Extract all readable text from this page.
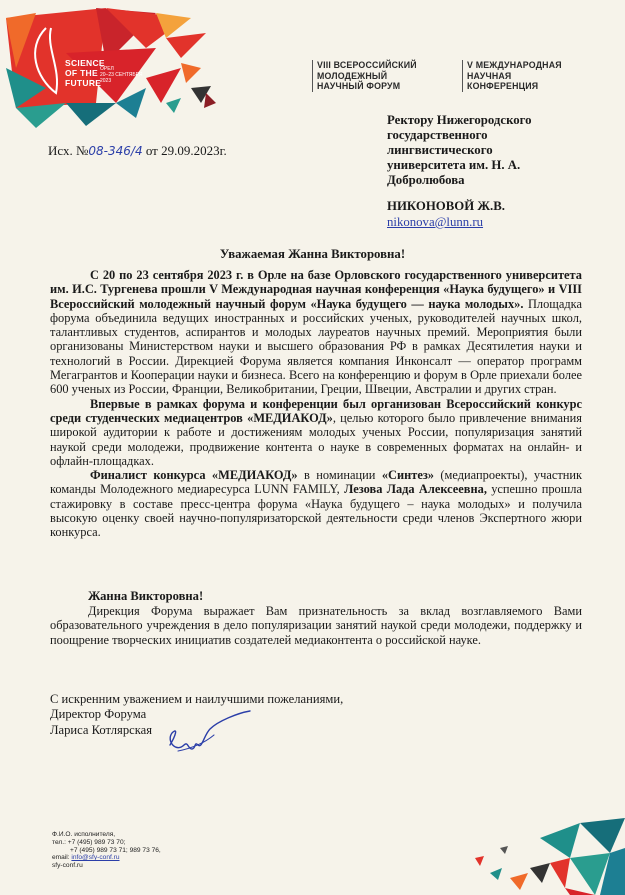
SCIENCE
OF THE
FUTURE
ОРЕЛ
20–23 СЕНТЯБРЯ
2023
VIII ВСЕРОССИЙСКИЙ
МОЛОДЕЖНЫЙ
НАУЧНЫЙ ФОРУМ
V МЕЖДУНАРОДНАЯ
НАУЧНАЯ
КОНФЕРЕНЦИЯ
Исх. №08-346/4 от 29.09.2023г.
Ректору Нижегородского
государственного
лингвистического
университета им. Н. А.
Добролюбова
НИКОНОВОЙ Ж.В.
nikonova@lunn.ru
Уважаемая Жанна Викторовна!

С 20 по 23 сентября 2023 г. в Орле на базе Орловского государственного университета им. И.С. Тургенева прошли V Международная научная конференция «Наука будущего» и VIII Всероссийский молодежный научный форум «Наука будущего — наука молодых». Площадка форума объединила ведущих иностранных и российских ученых, руководителей научных школ, талантливых студентов, аспирантов и молодых лауреатов научных премий. Мероприятия были организованы Министерством науки и высшего образования РФ в рамках Десятилетия науки и технологий в России. Дирекцией Форума является компания Инконсалт — оператор программ Мегагрантов и Кооперации науки и бизнеса. Всего на конференцию и форум в Орле приехали более 600 ученых из России, Франции, Великобритании, Греции, Швеции, Австралии и других стран.

Впервые в рамках форума и конференции был организован Всероссийский конкурс среди студенческих медиацентров «МЕДИАКОД», целью которого было привлечение внимания широкой аудитории к работе и достижениям молодых ученых России, популяризация занятий наукой среди молодежи, продвижение контента о науке в современных форматах на онлайн- и офлайн-площадках.

Финалист конкурса «МЕДИАКОД» в номинации «Синтез» (медиапроекты), участник команды Молодежного медиаресурса LUNN FAMILY, Лезова Лада Алексеевна, успешно прошла стажировку в составе пресс-центра форума «Наука будущего – наука молодых» и получила высокую оценку своей научно-популяризаторской деятельности среди членов Экспертного жюри конкурса.

Жанна Викторовна!
Дирекция Форума выражает Вам признательность за вклад возглавляемого Вами образовательного учреждения в дело популяризации занятий наукой среди молодежи, поддержку и поощрение творческих инициатив создателей медиаконтента о российской науке.
С искренним уважением и наилучшими пожеланиями,
Директор Форума
Лариса Котлярская
Ф.И.О. исполнителя,
тел.: +7 (495) 989 73 70;
+7 (495) 989 73 71; 989 73 76,
email: info@sfy-conf.ru
sfy-conf.ru
